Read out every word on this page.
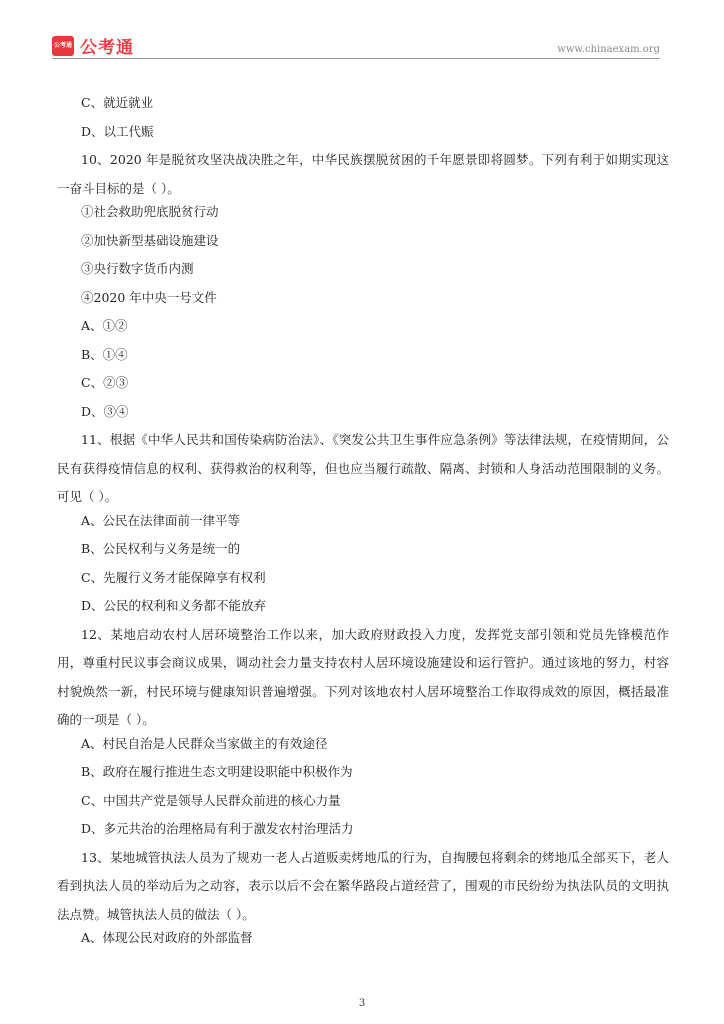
公考通 公考通	www.chinaexam.org
C、就近就业
D、以工代赈
10、2020 年是脱贫攻坚决战决胜之年，中华民族摆脱贫困的千年愿景即将圆梦。下列有利于如期实现这一奋斗目标的是（ ）。
①社会救助兜底脱贫行动
②加快新型基础设施建设
③央行数字货币内测
④2020 年中央一号文件
A、①②
B、①④
C、②③
D、③④
11、根据《中华人民共和国传染病防治法》、《突发公共卫生事件应急条例》等法律法规，在疫情期间，公民有获得疫情信息的权利、获得救治的权利等，但也应当履行疏散、隔离、封锁和人身活动范围限制的义务。可见（ ）。
A、公民在法律面前一律平等
B、公民权利与义务是统一的
C、先履行义务才能保障享有权利
D、公民的权利和义务都不能放弃
12、某地启动农村人居环境整治工作以来，加大政府财政投入力度，发挥党支部引领和党员先锋模范作用，尊重村民议事会商议成果，调动社会力量支持农村人居环境设施建设和运行管护。通过该地的努力，村容村貌焕然一新，村民环境与健康知识普遍增强。下列对该地农村人居环境整治工作取得成效的原因，概括最准确的一项是（ ）。
A、村民自治是人民群众当家做主的有效途径
B、政府在履行推进生态文明建设职能中积极作为
C、中国共产党是领导人民群众前进的核心力量
D、多元共治的治理格局有利于激发农村治理活力
13、某地城管执法人员为了规劝一老人占道贩卖烤地瓜的行为，自掏腰包将剩余的烤地瓜全部买下，老人看到执法人员的举动后为之动容，表示以后不会在繁华路段占道经营了，围观的市民纷纷为执法队员的文明执法点赞。城管执法人员的做法（ ）。
A、体现公民对政府的外部监督
3
